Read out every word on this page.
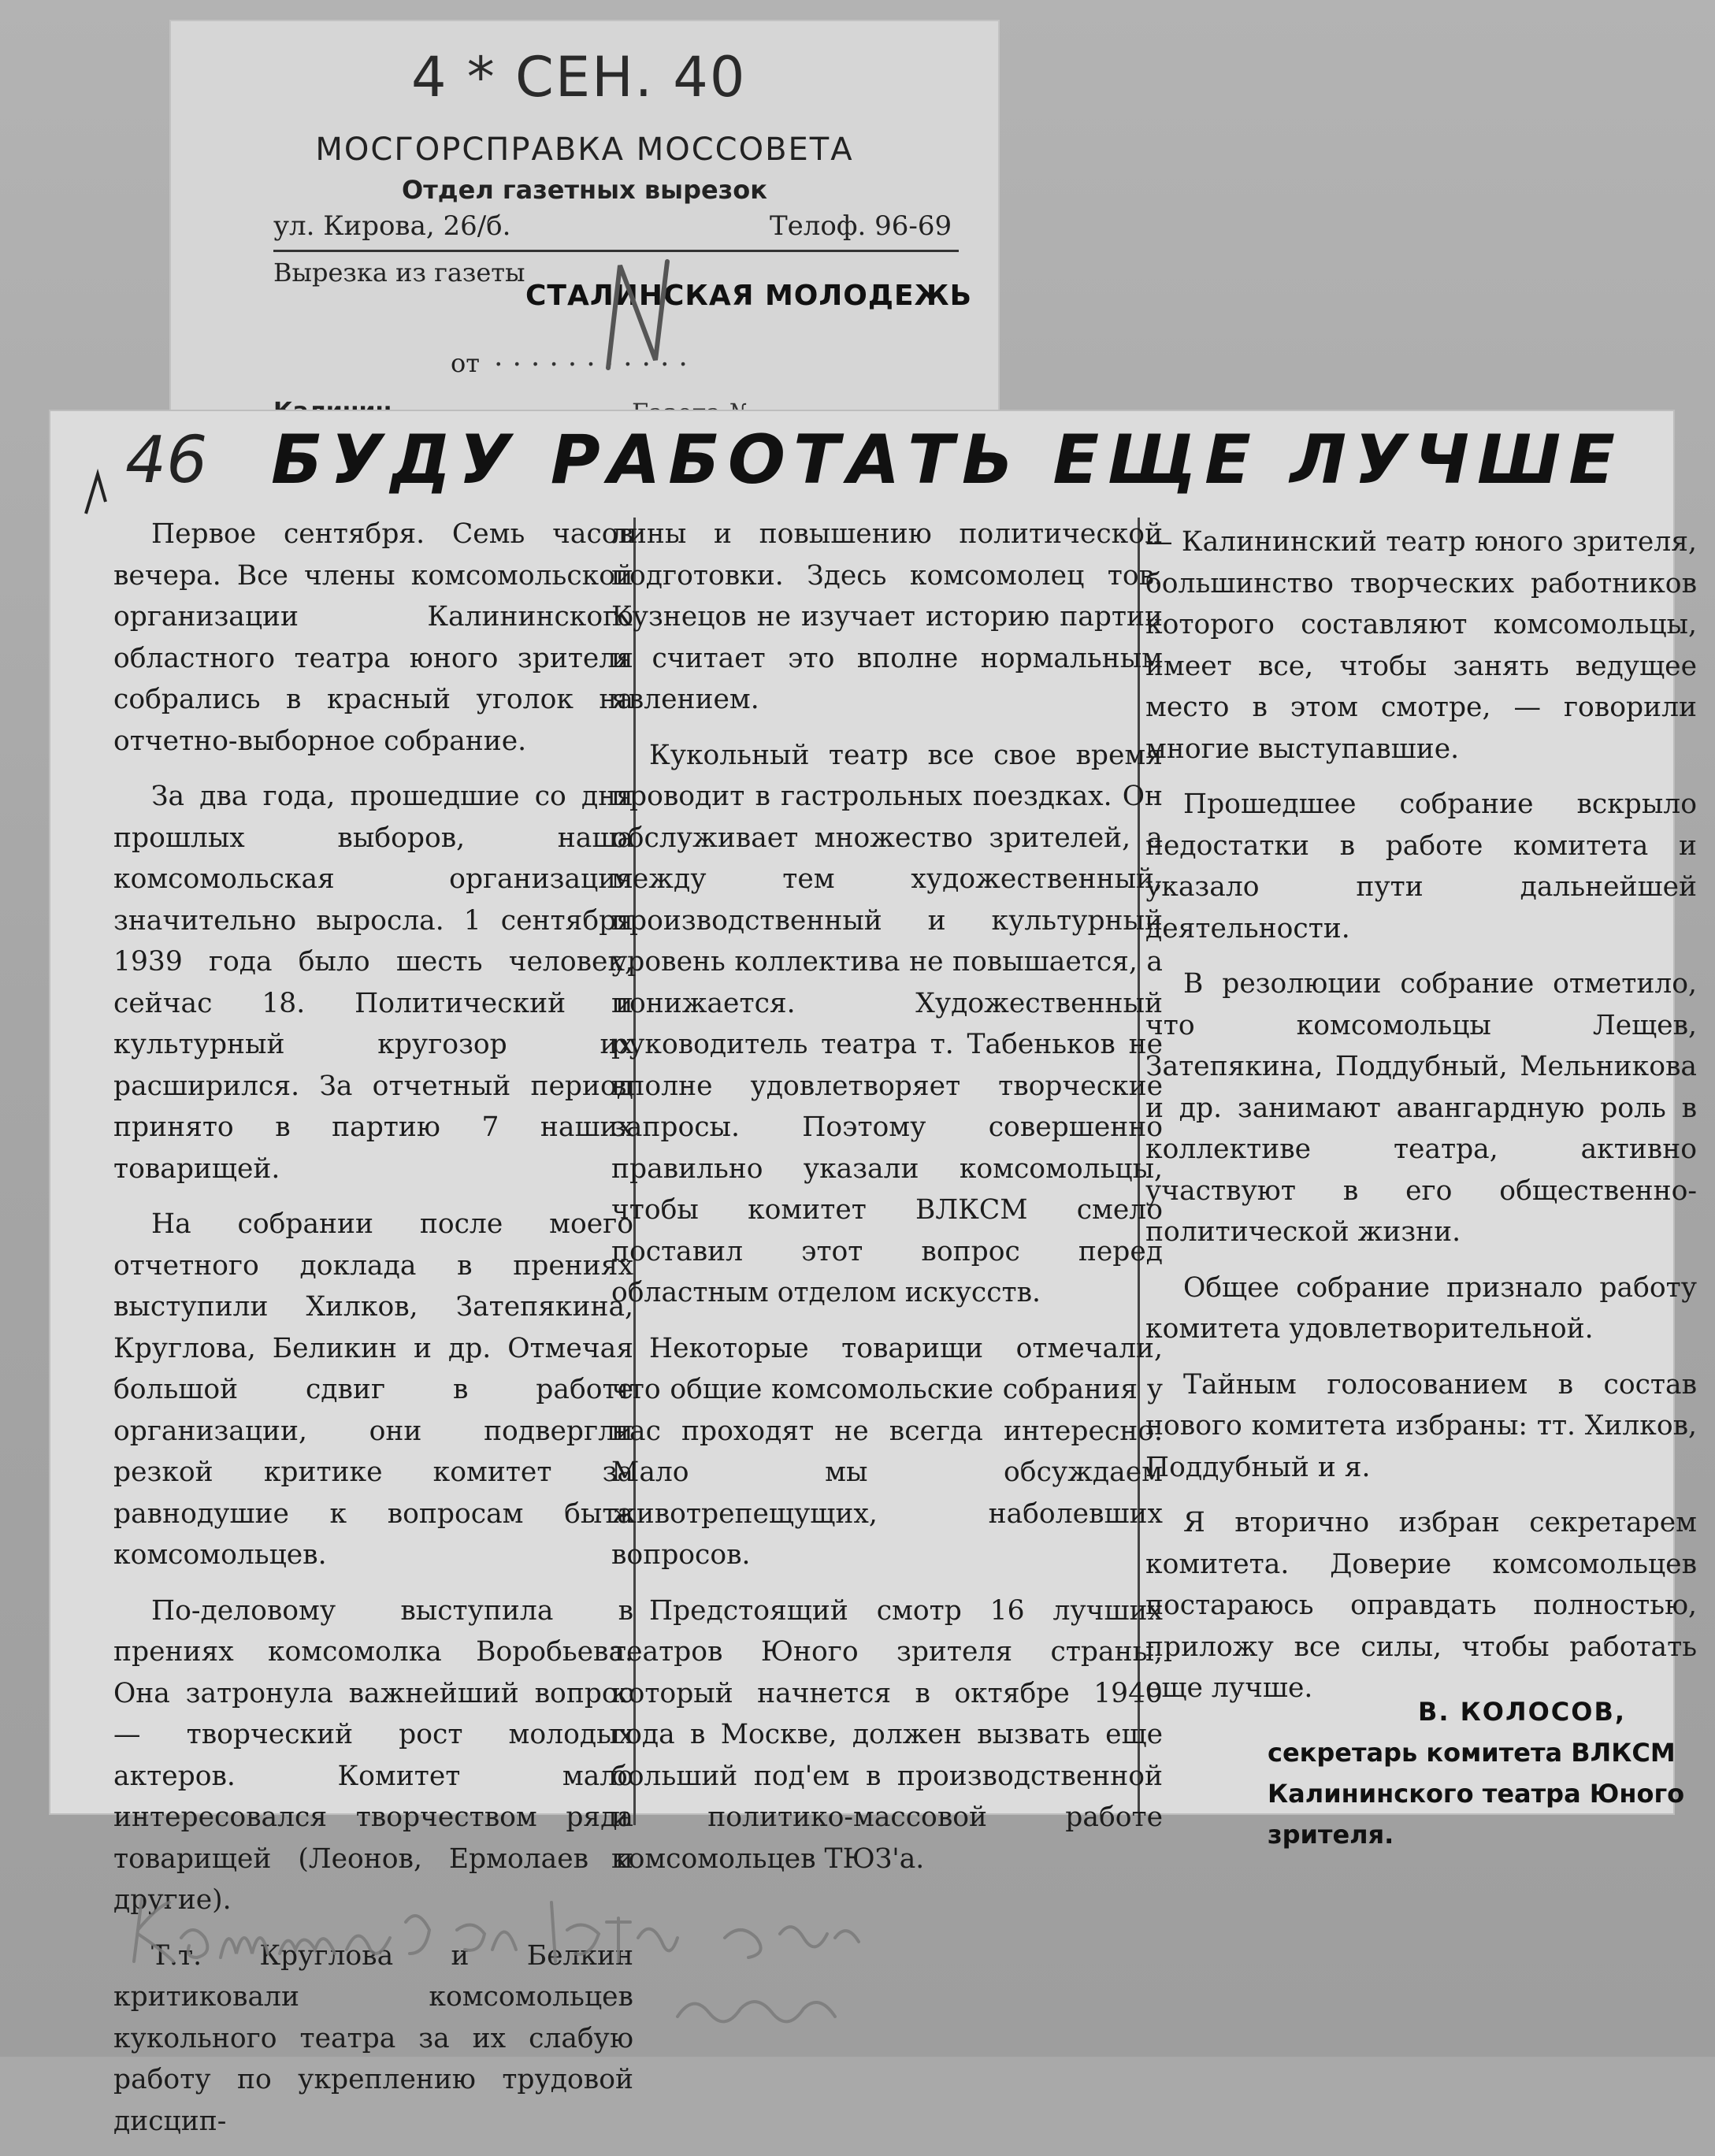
4 * СЕН. 40
МОСГОРСПРАВКА МОССОВЕТА
Отдел газетных вырезок
ул. Кирова, 26/б.	Телоф. 96-69
Вырезка из газеты
СТАЛИНСКАЯ МОЛОДЕЖЬ
от ...........
46 БУДУ РАБОТАТЬ ЕЩЕ ЛУЧШЕ

Первое сентября. Семь часов вечера. Все члены комсомольской организации Калининского областного театра юного зрителя собрались в красный уголок на отчетно-выборное собрание.

За два года, прошедшие со дня прошлых выборов, наша комсомольская организация значительно выросла. 1 сентября 1939 года было шесть человек, сейчас 18. Политический и культурный кругозор их расширился. За отчетный период принято в партию 7 наших товарищей.

На собрании после моего отчетного доклада в прениях выступили Хилков, Затепякина, Круглова, Беликин и др. Отмечая большой сдвиг в работе организации, они подвергли резкой критике комитет за равнодушие к вопросам быта комсомольцев.

По-деловому выступила в прениях комсомолка Воробьева. Она затронула важнейший вопрос — творческий рост молодых актеров. Комитет мало интересовался творчеством ряда товарищей (Леонов, Ермолаев и другие).

Т.т. Круглова и Белкин критиковали комсомольцев кукольного театра за их слабую работу по укреплению трудовой дисцип-

лины и повышению политической подготовки. Здесь комсомолец тов. Кузнецов не изучает историю партии и считает это вполне нормальным явлением.

Кукольный театр все свое время проводит в гастрольных поездках. Он обслуживает множество зрителей, а между тем художественный, производственный и культурный уровень коллектива не повышается, а понижается. Художественный руководитель театра т. Табеньков не вполне удовлетворяет творческие запросы. Поэтому совершенно правильно указали комсомольцы, чтобы комитет ВЛКСМ смело поставил этот вопрос перед областным отделом искусств.

Некоторые товарищи отмечали, что общие комсомольские собрания у нас проходят не всегда интересно. Мало мы обсуждаем животрепещущих, наболевших вопросов.

Предстоящий смотр 16 лучших театров Юного зрителя страны, который начнется в октябре 1940 года в Москве, должен вызвать еще больший под'ем в производственной и политико-массовой работе комсомольцев ТЮЗ'а.

— Калининский театр юного зрителя, большинство творческих работников которого составляют комсомольцы, имеет все, чтобы занять ведущее место в этом смотре, — говорили многие выступавшие.

Прошедшее собрание вскрыло недостатки в работе комитета и указало пути дальнейшей деятельности.

В резолюции собрание отметило, что комсомольцы Лещев, Затепякина, Поддубный, Мельникова и др. занимают авангардную роль в коллективе театра, активно участвуют в его общественно-политической жизни.

Общее собрание признало работу комитета удовлетворительной.

Тайным голосованием в состав нового комитета избраны: тт. Хилков, Поддубный и я.

Я вторично избран секретарем комитета. Доверие комсомольцев постараюсь оправдать полностью, приложу все силы, чтобы работать еще лучше.

В. КОЛОСОВ,
секретарь комитета ВЛКСМ
Калининского театра Юного
зрителя.
